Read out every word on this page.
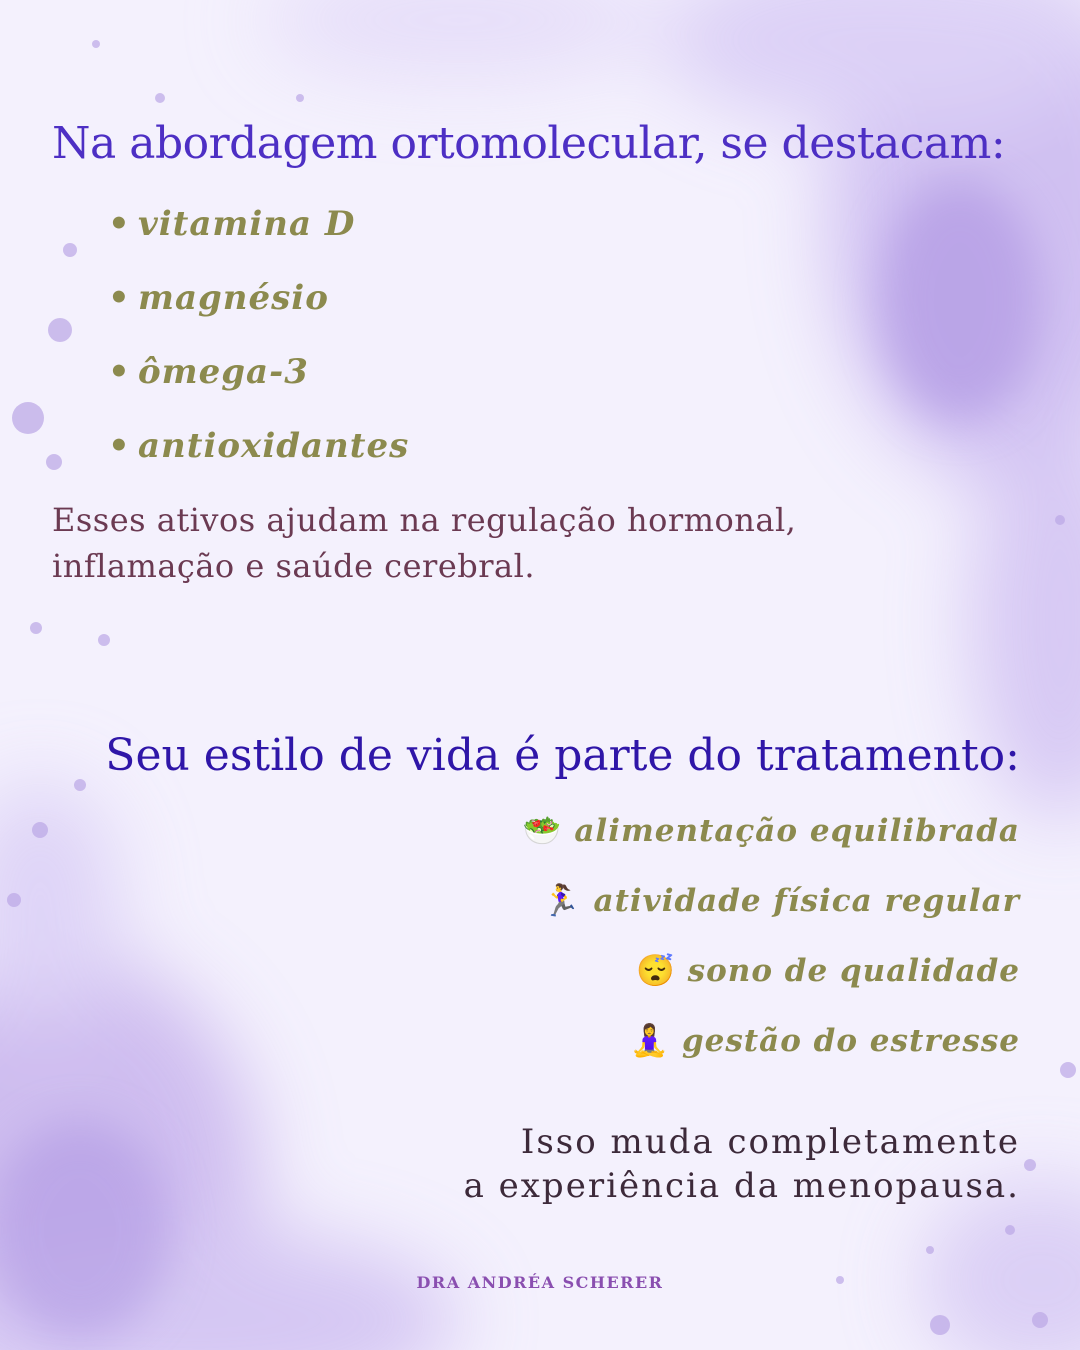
Na abordagem ortomolecular, se destacam:
• vitamina D
• magnésio
• ômega-3
• antioxidantes
Esses ativos ajudam na regulação hormonal,
inflamação e saúde cerebral.
Seu estilo de vida é parte do tratamento:
🥗 alimentação equilibrada
🏃‍♀️ atividade física regular
😴 sono de qualidade
🧘‍♀️ gestão do estresse
Isso muda completamente
a experiência da menopausa.
DRA ANDRÉA SCHERER
